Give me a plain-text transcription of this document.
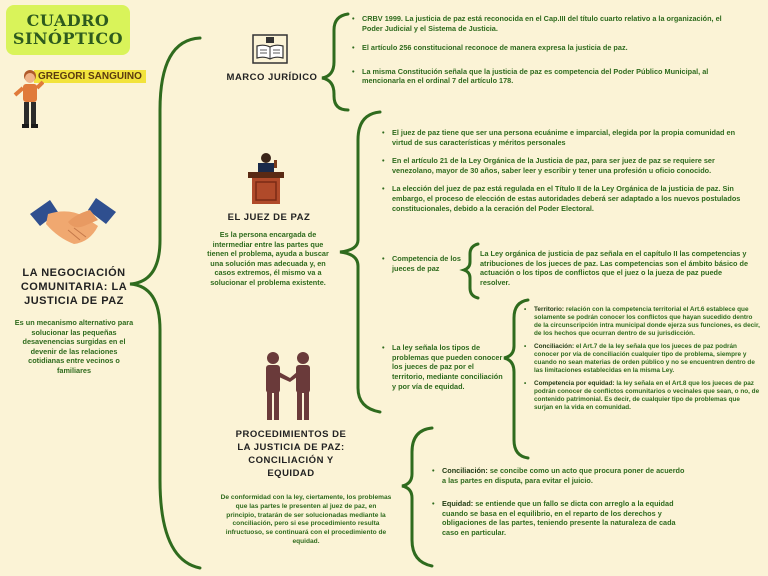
CUADRO
SINÓPTICO
GREGORI SANGUINO
LA NEGOCIACIÓN COMUNITARIA: LA JUSTICIA DE PAZ
Es un mecanismo alternativo para solucionar las pequeñas desavenencias surgidas en el devenir de las relaciones cotidianas entre vecinos o familiares
MARCO JURÍDICO
• CRBV 1999. La justicia de paz está reconocida en el Cap.III del título cuarto relativo a la organización, el Poder Judicial y el Sistema de Justicia.
• El artículo 256 constitucional reconoce de manera expresa la justicia de paz.
• La misma Constitución señala que la justicia de paz es competencia del Poder Público Municipal, al mencionarla en el ordinal 7 del artículo 178.
EL JUEZ DE PAZ
Es la persona encargada de intermediar entre las partes que tienen el problema, ayuda a buscar una solución mas adecuada y, en casos extremos, él mismo va a solucionar el problema existente.
• El juez de paz tiene que ser una persona ecuánime e imparcial, elegida por la propia comunidad en virtud de sus características y méritos personales
• En el artículo 21 de la Ley Orgánica de la Justicia de paz, para ser juez de paz se requiere ser venezolano, mayor de 30 años, saber leer y escribir y tener una profesión u oficio conocido.
• La elección del juez de paz está regulada en el Título II de la Ley Orgánica de la justicia de paz. Sin embargo, el proceso de elección de estas autoridades deberá ser adaptado a los nuevos postulados constitucionales, debido a la ceración del Poder Electoral.
• Competencia de los jueces de paz
La Ley orgánica de justicia de paz señala en el capítulo II las competencias y atribuciones de los jueces de paz. Las competencias son el ámbito básico de actuación o los tipos de conflictos que el juez o la jueza de paz puede resolver.
• La ley señala los tipos de problemas que pueden conocer los jueces de paz por el territorio, mediante conciliación y por vía de equidad.
• Territorio: relación con la competencia territorial el Art.6 establece que solamente se podrán conocer los conflictos que hayan sucedido dentro de la circunscripción intra municipal donde ejerza sus funciones, es decir, de los hechos que ocurran dentro de su jurisdicción.
• Conciliación: el Art.7 de la ley señala que los jueces de paz podrán conocer por vía de conciliación cualquier tipo de problema, siempre y cuando no sean materias de orden público y no se encuentren dentro de las limitaciones establecidas en la misma Ley.
• Competencia por equidad: la ley señala en el Art.8 que los jueces de paz podrán conocer de conflictos comunitarios o vecinales que sean, o no, de contenido patrimonial. Es decir, de cualquier tipo de problemas que surjan en la vida en comunidad.
PROCEDIMIENTOS DE LA JUSTICIA DE PAZ: CONCILIACIÓN Y EQUIDAD
De conformidad con la ley, ciertamente, los problemas que las partes le presenten al juez de paz, en principio, tratarán de ser solucionadas mediante la conciliación, pero si ese procedimiento resulta infructuoso, se continuará con el procedimiento de equidad.
• Conciliación: se concibe como un acto que procura poner de acuerdo a las partes en disputa, para evitar el juicio.
• Equidad: se entiende que un fallo se dicta con arreglo a la equidad cuando se basa en el equilibrio, en el reparto de los derechos y obligaciones de las partes, teniendo presente la naturaleza de cada caso en particular.
